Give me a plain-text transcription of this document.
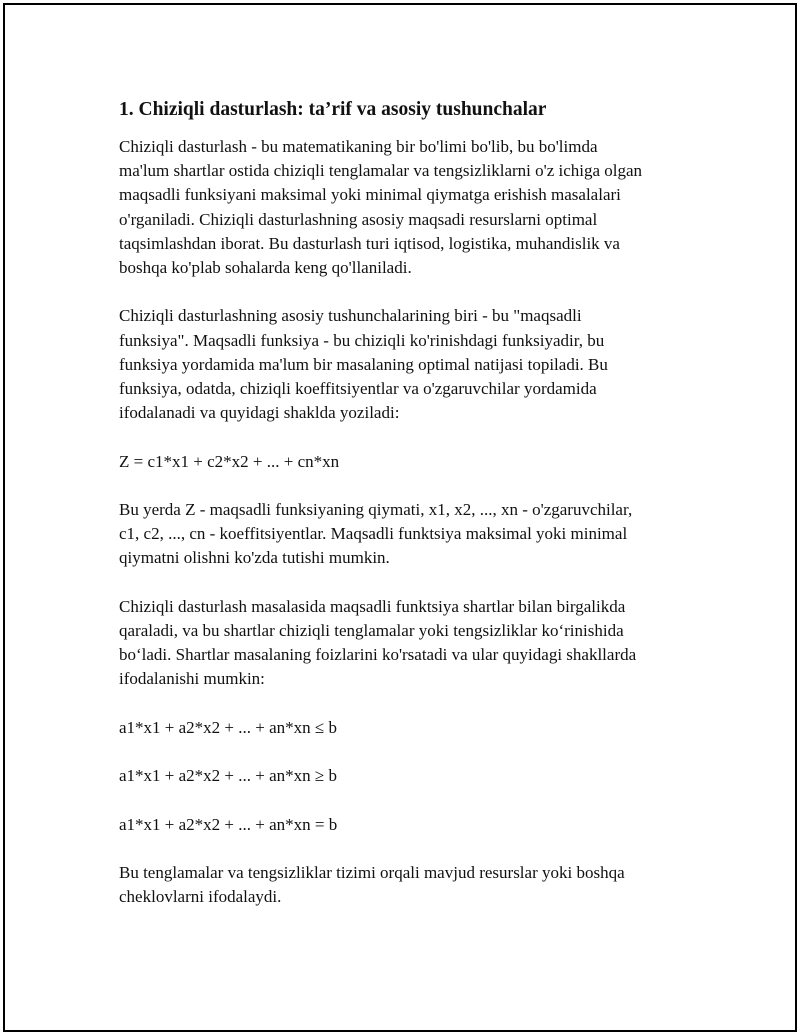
1. Chiziqli dasturlash: ta’rif va asosiy tushunchalar

Chiziqli dasturlash - bu matematikaning bir bo'limi bo'lib, bu bo'limda

ma'lum shartlar ostida chiziqli tenglamalar va tengsizliklarni o'z ichiga olgan

maqsadli funksiyani maksimal yoki minimal qiymatga erishish masalalari

o'rganiladi. Chiziqli dasturlashning asosiy maqsadi resurslarni optimal

taqsimlashdan iborat. Bu dasturlash turi iqtisod, logistika, muhandislik va

boshqa ko'plab sohalarda keng qo'llaniladi.

Chiziqli dasturlashning asosiy tushunchalarining biri - bu "maqsadli

funksiya". Maqsadli funksiya - bu chiziqli ko'rinishdagi funksiyadir, bu

funksiya yordamida ma'lum bir masalaning optimal natijasi topiladi. Bu

funksiya, odatda, chiziqli koeffitsiyentlar va o'zgaruvchilar yordamida

ifodalanadi va quyidagi shaklda yoziladi:

Z = c1*x1 + c2*x2 + ... + cn*xn

Bu yerda Z - maqsadli funksiyaning qiymati, x1, x2, ..., xn - o'zgaruvchilar,

c1, c2, ..., cn - koeffitsiyentlar. Maqsadli funktsiya maksimal yoki minimal

qiymatni olishni ko'zda tutishi mumkin.

Chiziqli dasturlash masalasida maqsadli funktsiya shartlar bilan birgalikda

qaraladi, va bu shartlar chiziqli tenglamalar yoki tengsizliklar ko‘rinishida

bo‘ladi. Shartlar masalaning foizlarini ko'rsatadi va ular quyidagi shakllarda

ifodalanishi mumkin:

a1*x1 + a2*x2 + ... + an*xn ≤ b

a1*x1 + a2*x2 + ... + an*xn ≥ b

a1*x1 + a2*x2 + ... + an*xn = b

Bu tenglamalar va tengsizliklar tizimi orqali mavjud resurslar yoki boshqa

cheklovlarni ifodalaydi.
